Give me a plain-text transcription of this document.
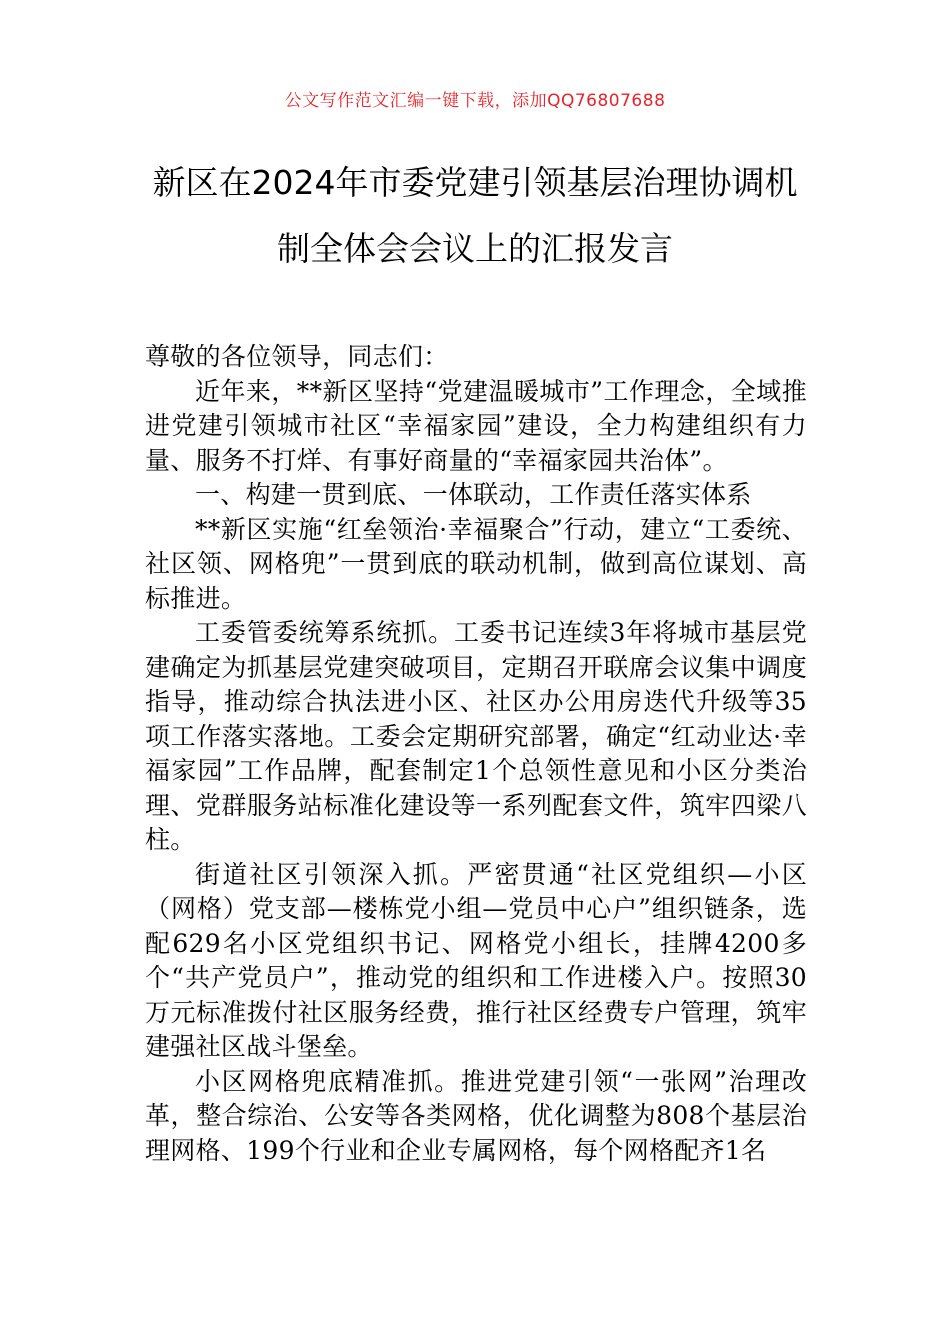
公文写作范文汇编一键下载，添加QQ76807688
新区在2024年市委党建引领基层治理协调机制全体会会议上的汇报发言

尊敬的各位领导，同志们：

近年来，**新区坚持“党建温暖城市”工作理念，全域推进党建引领城市社区“幸福家园”建设，全力构建组织有力量、服务不打烊、有事好商量的“幸福家园共治体”。

一、构建一贯到底、一体联动，工作责任落实体系

**新区实施“红垒领治·幸福聚合”行动，建立“工委统、社区领、网格兜”一贯到底的联动机制，做到高位谋划、高标推进。

工委管委统筹系统抓。工委书记连续3年将城市基层党建确定为抓基层党建突破项目，定期召开联席会议集中调度指导，推动综合执法进小区、社区办公用房迭代升级等35项工作落实落地。工委会定期研究部署，确定“红动业达·幸福家园”工作品牌，配套制定1个总领性意见和小区分类治理、党群服务站标准化建设等一系列配套文件，筑牢四梁八柱。

街道社区引领深入抓。严密贯通“社区党组织—小区（网格）党支部—楼栋党小组—党员中心户”组织链条，选配629名小区党组织书记、网格党小组长，挂牌4200多个“共产党员户”，推动党的组织和工作进楼入户。按照30万元标准拨付社区服务经费，推行社区经费专户管理，筑牢建强社区战斗堡垒。

小区网格兜底精准抓。推进党建引领“一张网”治理改革，整合综治、公安等各类网格，优化调整为808个基层治理网格、199个行业和企业专属网格，每个网格配齐1名
